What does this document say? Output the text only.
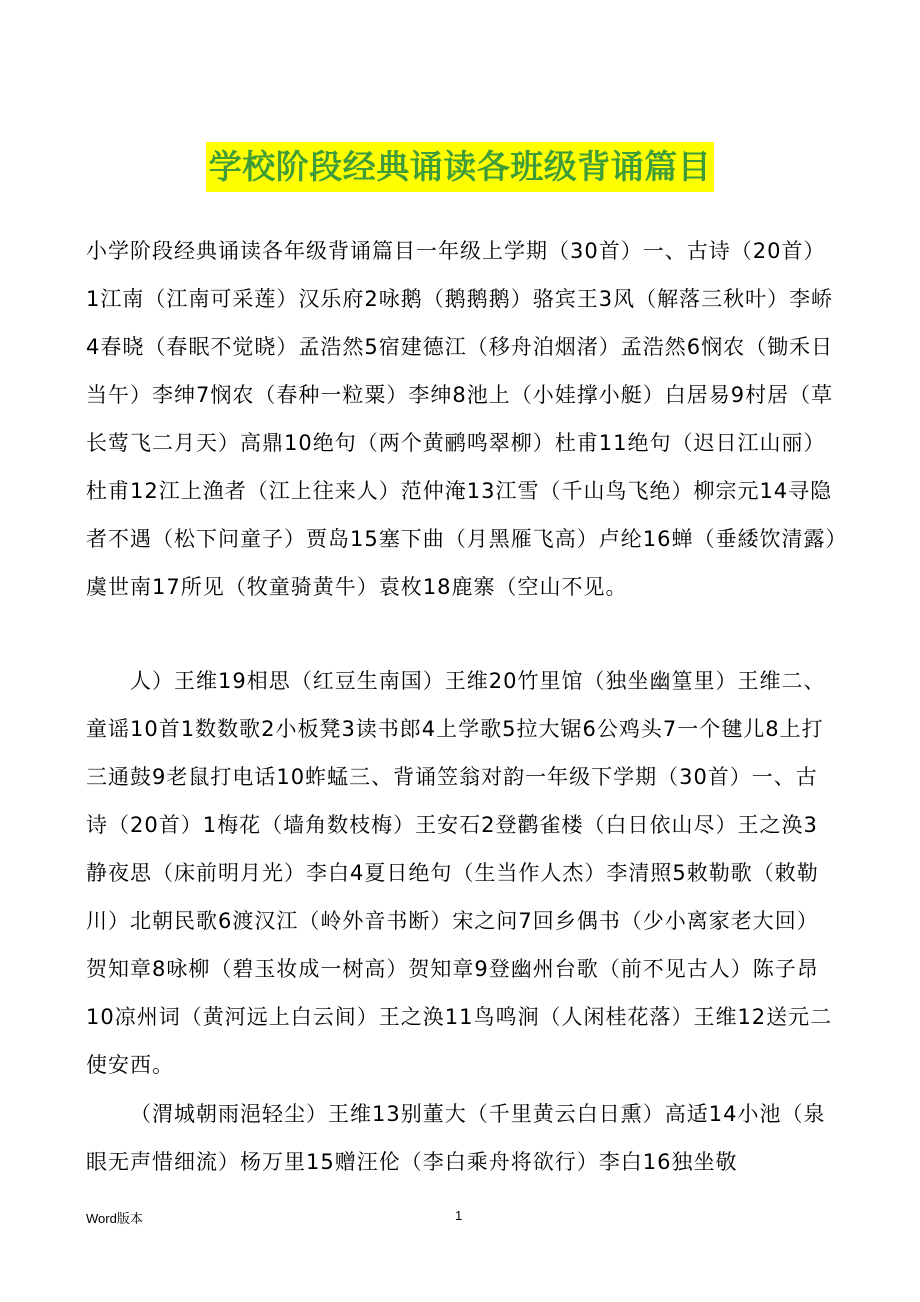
学校阶段经典诵读各班级背诵篇目

小学阶段经典诵读各年级背诵篇目一年级上学期（30首）一、古诗（20首）1江南（江南可采莲）汉乐府2咏鹅（鹅鹅鹅）骆宾王3风（解落三秋叶）李峤4春晓（春眠不觉晓）孟浩然5宿建德江（移舟泊烟渚）孟浩然6悯农（锄禾日当午）李绅7悯农（春种一粒粟）李绅8池上（小娃撑小艇）白居易9村居（草长莺飞二月天）高鼎10绝句（两个黄鹂鸣翠柳）杜甫11绝句（迟日江山丽）杜甫12江上渔者（江上往来人）范仲淹13江雪（千山鸟飞绝）柳宗元14寻隐者不遇（松下问童子）贾岛15塞下曲（月黑雁飞高）卢纶16蝉（垂緌饮清露）虞世南17所见（牧童骑黄牛）袁枚18鹿寨（空山不见。

人）王维19相思（红豆生南国）王维20竹里馆（独坐幽篁里）王维二、童谣10首1数数歌2小板凳3读书郎4上学歌5拉大锯6公鸡头7一个毽儿8上打三通鼓9老鼠打电话10蚱蜢三、背诵笠翁对韵一年级下学期（30首）一、古诗（20首）1梅花（墙角数枝梅）王安石2登鹳雀楼（白日依山尽）王之涣3静夜思（床前明月光）李白4夏日绝句（生当作人杰）李清照5敕勒歌（敕勒川）北朝民歌6渡汉江（岭外音书断）宋之问7回乡偶书（少小离家老大回）贺知章8咏柳（碧玉妆成一树高）贺知章9登幽州台歌（前不见古人）陈子昂10凉州词（黄河远上白云间）王之涣11鸟鸣涧（人闲桂花落）王维12送元二使安西。

（渭城朝雨浥轻尘）王维13别董大（千里黄云白日熏）高适14小池（泉眼无声惜细流）杨万里15赠汪伦（李白乘舟将欲行）李白16独坐敬

Word版本	1
